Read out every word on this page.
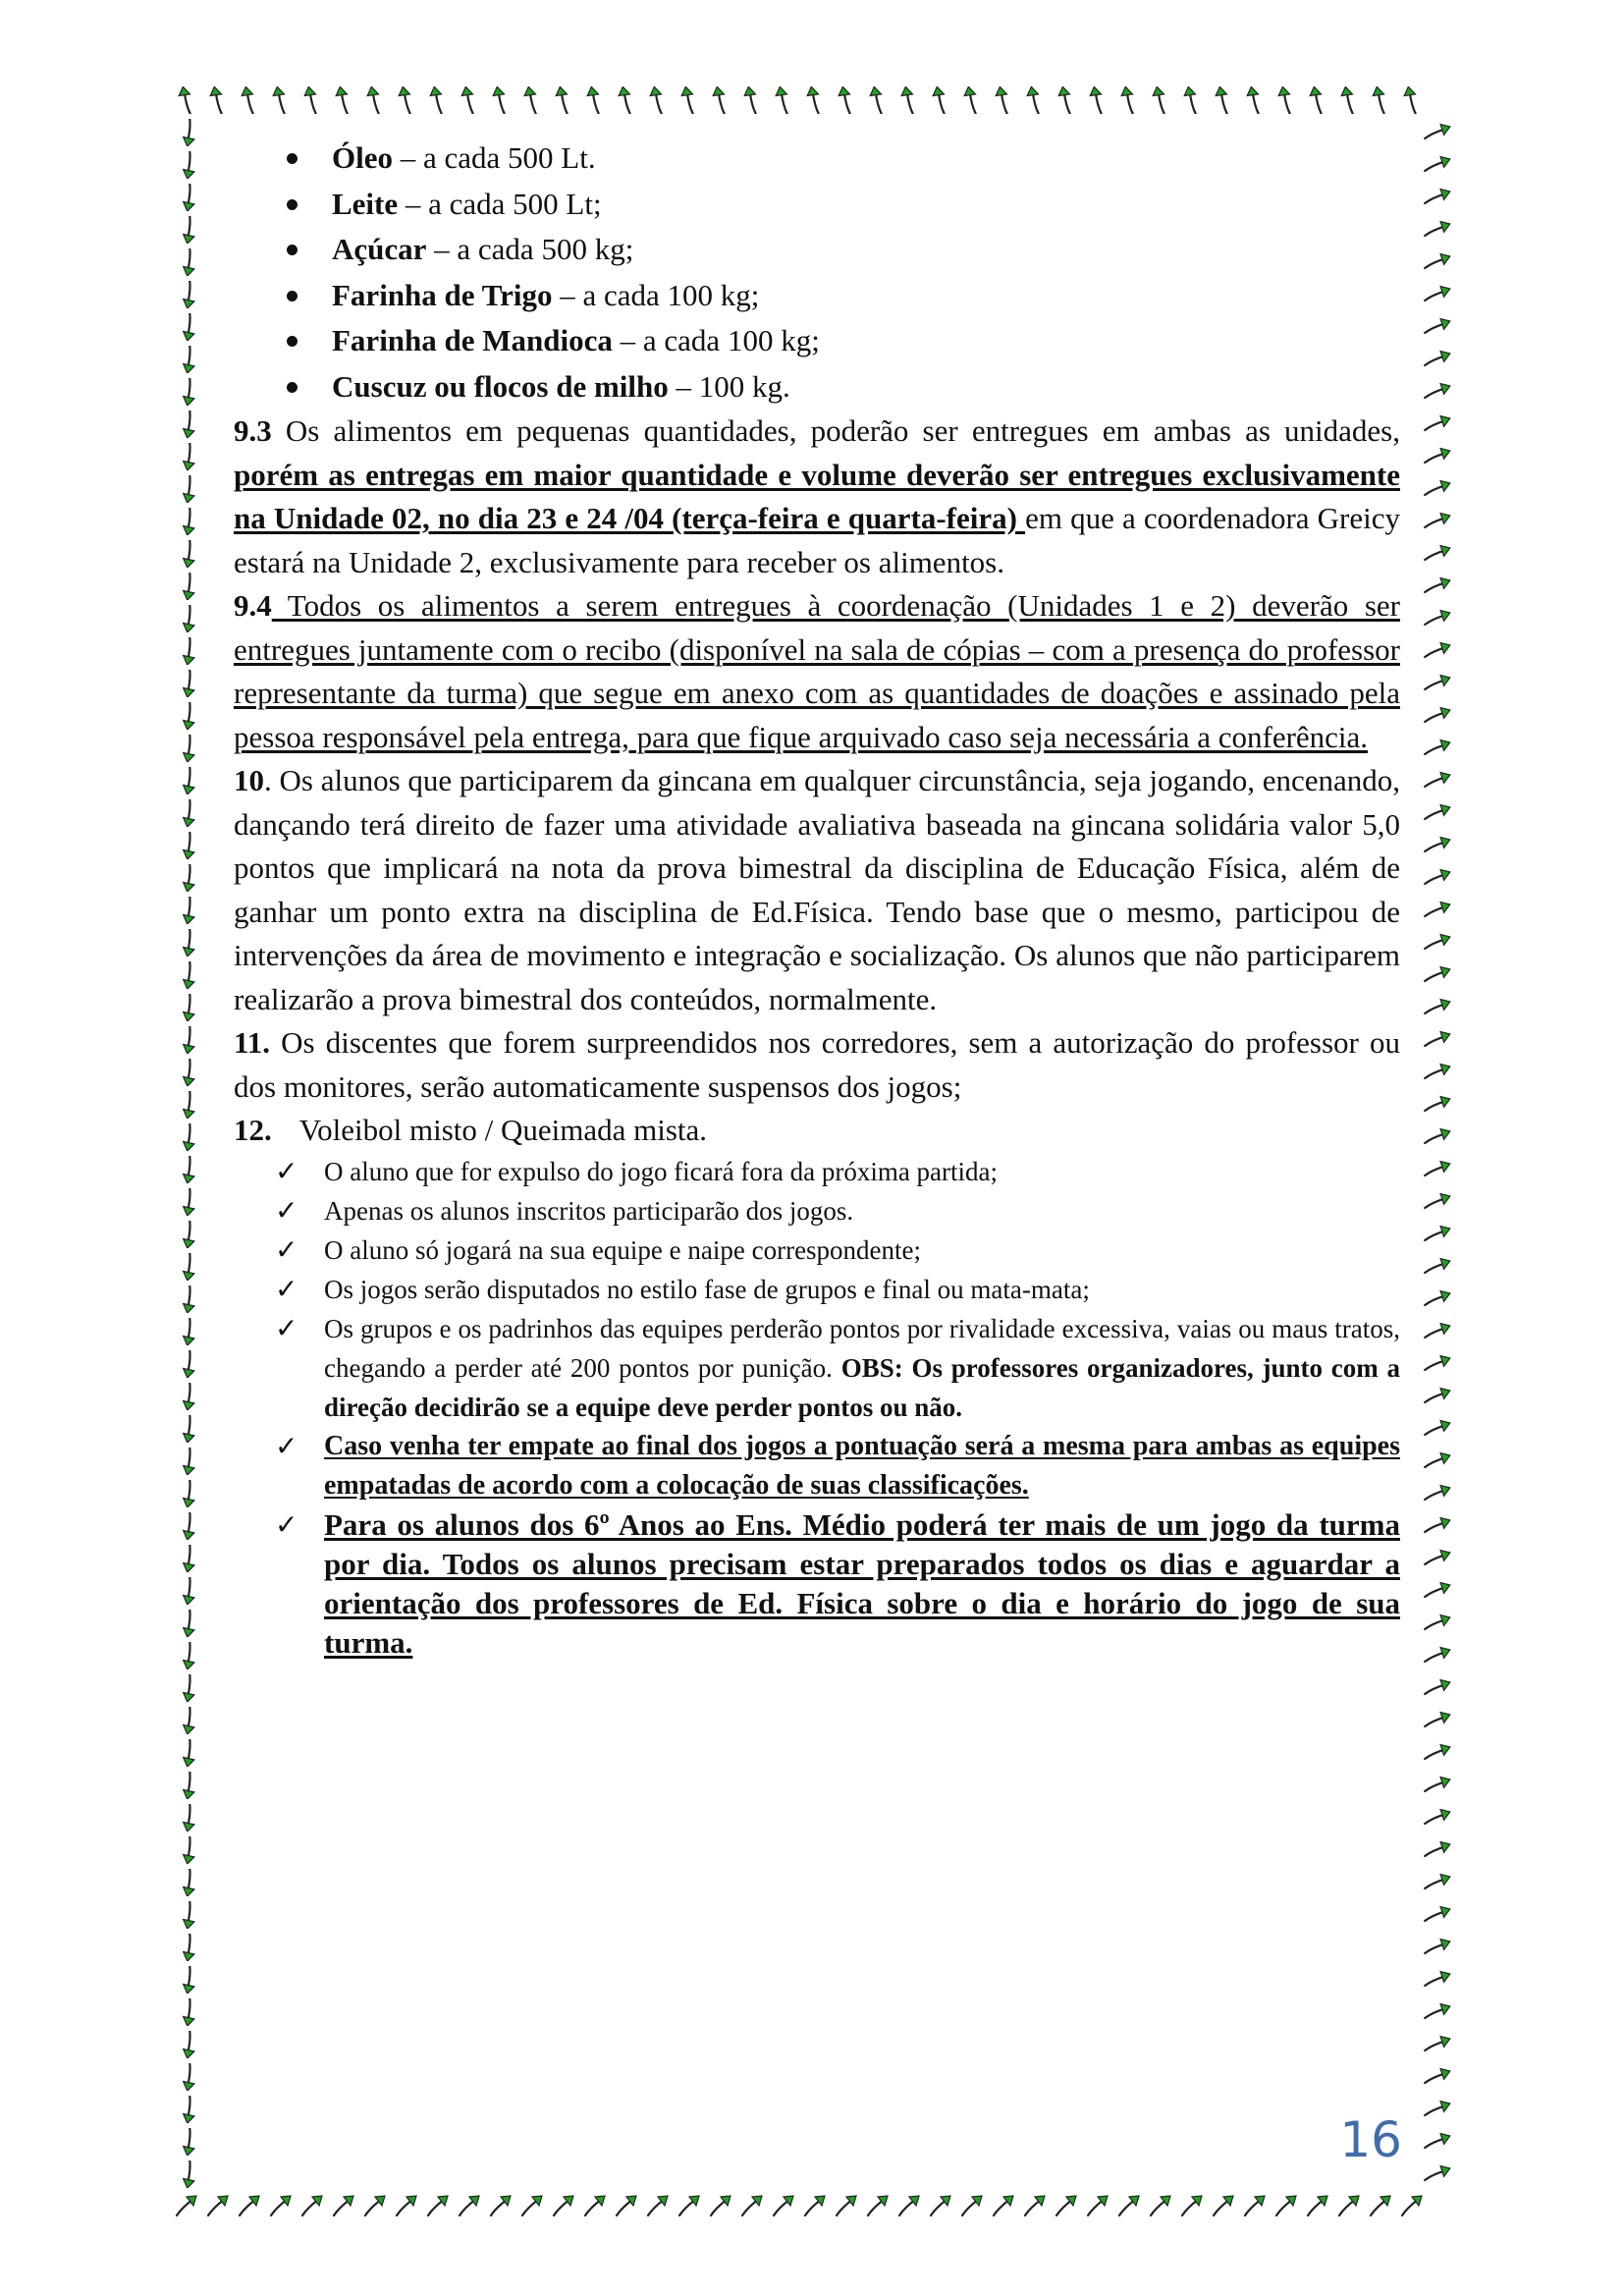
Óleo – a cada 500 Lt.
Leite – a cada 500 Lt;
Açúcar – a cada 500 kg;
Farinha de Trigo – a cada 100 kg;
Farinha de Mandioca – a cada 100 kg;
Cuscuz ou flocos de milho – 100 kg.

9.3 Os alimentos em pequenas quantidades, poderão ser entregues em ambas as unidades, porém as entregas em maior quantidade e volume deverão ser entregues exclusivamente na Unidade 02, no dia 23 e 24 /04 (terça-feira e quarta-feira) em que a coordenadora Greicy estará na Unidade 2, exclusivamente para receber os alimentos.

9.4 Todos os alimentos a serem entregues à coordenação (Unidades 1 e 2) deverão ser entregues juntamente com o recibo (disponível na sala de cópias – com a presença do professor representante da turma) que segue em anexo com as quantidades de doações e assinado pela pessoa responsável pela entrega, para que fique arquivado caso seja necessária a conferência.

10. Os alunos que participarem da gincana em qualquer circunstância, seja jogando, encenando, dançando terá direito de fazer uma atividade avaliativa baseada na gincana solidária valor 5,0 pontos que implicará na nota da prova bimestral da disciplina de Educação Física, além de ganhar um ponto extra na disciplina de Ed.Física. Tendo base que o mesmo, participou de intervenções da área de movimento e integração e socialização. Os alunos que não participarem realizarão a prova bimestral dos conteúdos, normalmente.

11. Os discentes que forem surpreendidos nos corredores, sem a autorização do professor ou dos monitores, serão automaticamente suspensos dos jogos;

12. Voleibol misto / Queimada mista.
✓ O aluno que for expulso do jogo ficará fora da próxima partida;
✓ Apenas os alunos inscritos participarão dos jogos.
✓ O aluno só jogará na sua equipe e naipe correspondente;
✓ Os jogos serão disputados no estilo fase de grupos e final ou mata-mata;
✓ Os grupos e os padrinhos das equipes perderão pontos por rivalidade excessiva, vaias ou maus tratos, chegando a perder até 200 pontos por punição. OBS: Os professores organizadores, junto com a direção decidirão se a equipe deve perder pontos ou não.
✓ Caso venha ter empate ao final dos jogos a pontuação será a mesma para ambas as equipes empatadas de acordo com a colocação de suas classificações.
✓ Para os alunos dos 6º Anos ao Ens. Médio poderá ter mais de um jogo da turma por dia. Todos os alunos precisam estar preparados todos os dias e aguardar a orientação dos professores de Ed. Física sobre o dia e horário do jogo de sua turma.
16
